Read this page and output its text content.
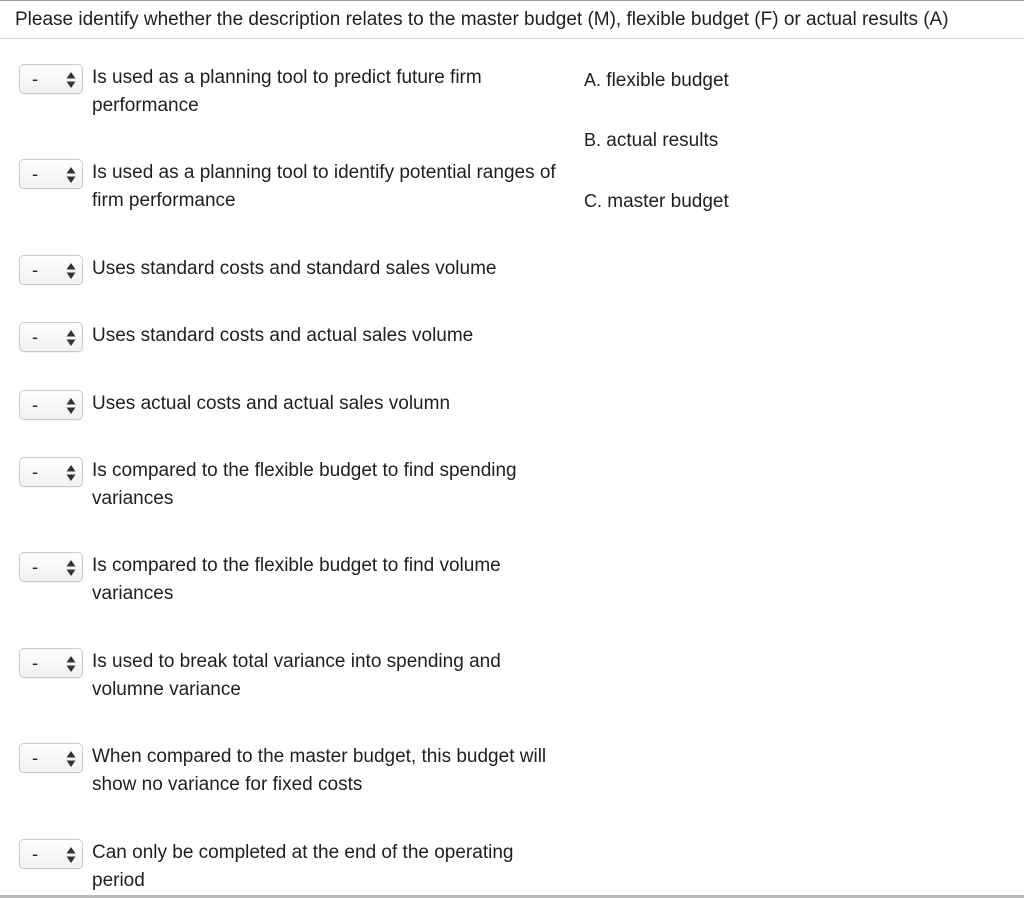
Please identify whether the description relates to the master budget (M), flexible budget (F) or actual results (A)
-	Is used as a planning tool to predict future firm performance
-	Is used as a planning tool to identify potential ranges of firm performance
-	Uses standard costs and standard sales volume
-	Uses standard costs and actual sales volume
-	Uses actual costs and actual sales volumn
-	Is compared to the flexible budget to find spending variances
-	Is compared to the flexible budget to find volume variances
-	Is used to break total variance into spending and volumne variance
-	When compared to the master budget, this budget will show no variance for fixed costs
-	Can only be completed at the end of the operating period
A. flexible budget
B. actual results
C. master budget
